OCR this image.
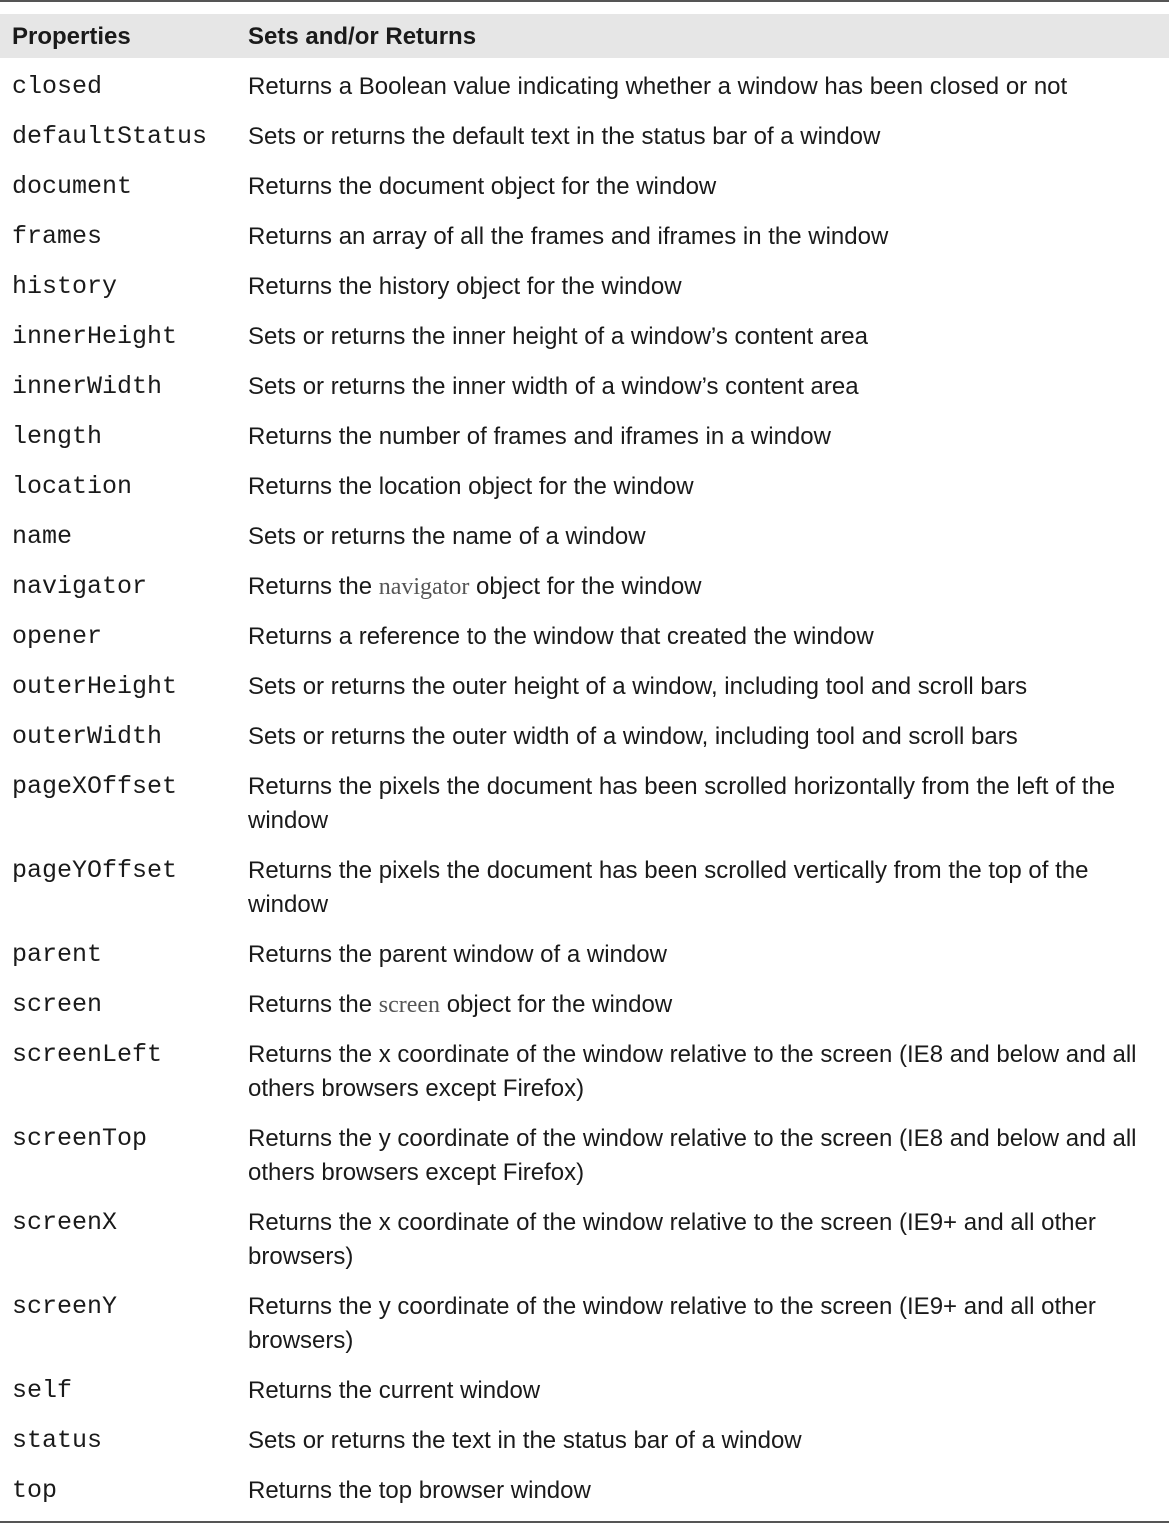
Properties	Sets and/or Returns
closed	Returns a Boolean value indicating whether a window has been closed or not
defaultStatus Sets or returns the default text in the status bar of a window
document	Returns the document object for the window
frames	Returns an array of all the frames and iframes in the window
history	Returns the history object for the window
innerHeight	Sets or returns the inner height of a window’s content area
innerWidth	Sets or returns the inner width of a window’s content area
length	Returns the number of frames and iframes in a window
location	Returns the location object for the window
name	Sets or returns the name of a window
navigator	Returns the navigator object for the window
opener	Returns a reference to the window that created the window
outerHeight	Sets or returns the outer height of a window, including tool and scroll bars
outerWidth	Sets or returns the outer width of a window, including tool and scroll bars
pageXOffset	Returns the pixels the document has been scrolled horizontally from the left of the window
pageYOffset	Returns the pixels the document has been scrolled vertically from the top of the window
parent	Returns the parent window of a window
screen	Returns the screen object for the window
screenLeft	Returns the x coordinate of the window relative to the screen (IE8 and below and all others browsers except Firefox)
screenTop	Returns the y coordinate of the window relative to the screen (IE8 and below and all others browsers except Firefox)
screenX	Returns the x coordinate of the window relative to the screen (IE9+ and all other browsers)
screenY	Returns the y coordinate of the window relative to the screen (IE9+ and all other browsers)
self	Returns the current window
status	Sets or returns the text in the status bar of a window
top	Returns the top browser window
